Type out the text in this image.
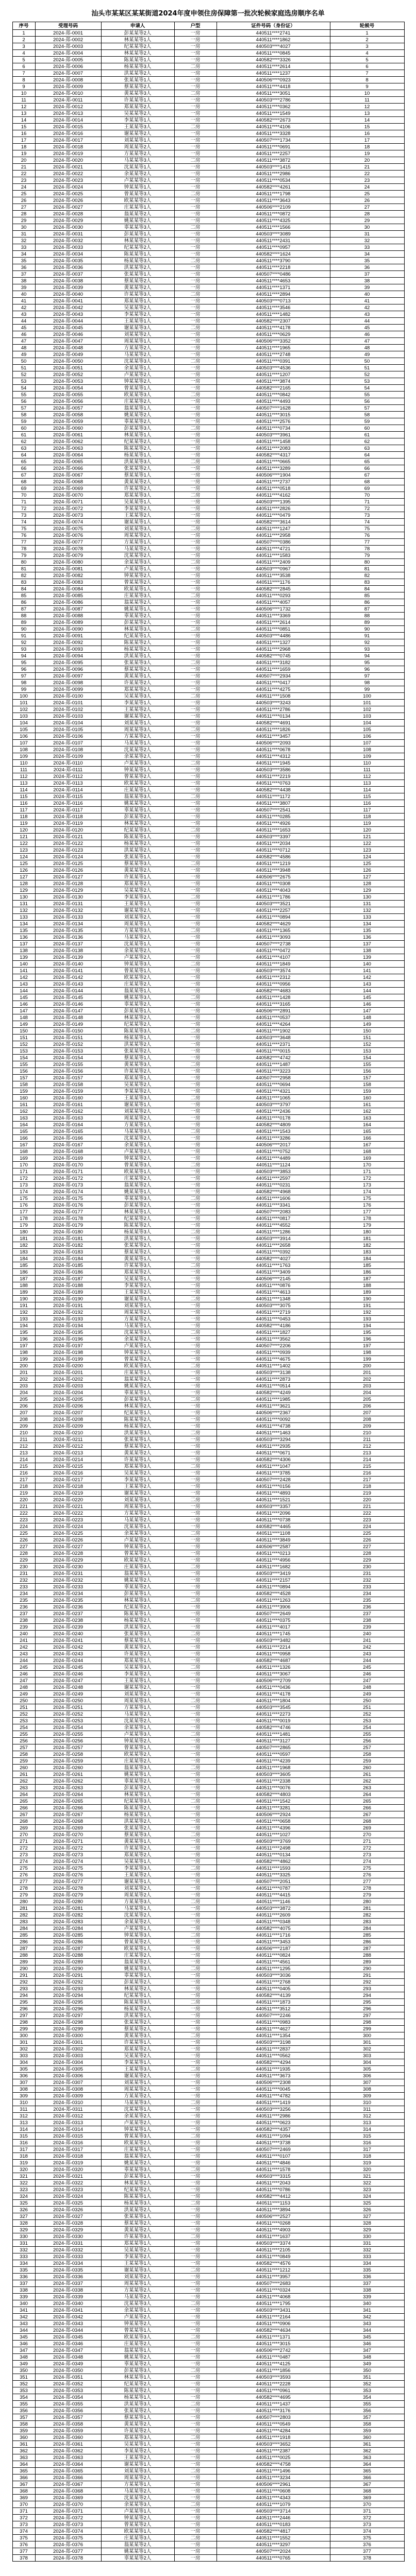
汕头市某某区某某街道2024年度申领住房保障第一批次轮候家庭选房顺序名单
序号	受理号码	申请人	户型	证件号码（身份证）	轮候号
1	2024-郑-0001	彭某某等2人	一房	440511****2741	1
2	2024-郑-0002	林某某等1人	一房	440511****1862	2
3	2024-郑-0003	纪某某等2人	一房	440503****4027	3
4	2024-郑-0004	林某某等2人	一房	440511****0845	4
5	2024-郑-0005	陈某某等1人	一房	440582****3326	5
6	2024-郑-0006	杨某某等3人	二房	440511****2614	6
7	2024-郑-0007	洪某某等2人	一房	440511****1237	7
8	2024-郑-0008	张某某等1人	一房	440506****0923	8
9	2024-郑-0009	蔡某某等2人	一房	440511****4418	9
10	2024-郑-0010	黄某某等3人	二房	440511****3051	10
11	2024-郑-0011	许某某等1人	一房	440503****2786	11
12	2024-郑-0012	郑某某等2人	一房	440511****0362	12
13	2024-郑-0013	吴某某等2人	一房	440511****1549	13
14	2024-郑-0014	李某某等1人	一房	440582****2673	14
15	2024-郑-0015	王某某等3人	二房	440511****4106	15
16	2024-郑-0016	谢某某等2人	一房	440511****3328	16
17	2024-郑-0017	刘某某等1人	一房	440507****1734	17
18	2024-郑-0018	周某某等2人	一房	440511****0691	18
19	2024-郑-0019	方某某等2人	一房	440511****2257	19
20	2024-郑-0020	马某某等3人	二房	440511****3872	20
21	2024-郑-0021	沈某某等1人	一房	440503****1415	21
22	2024-郑-0022	余某某等2人	一房	440511****2986	22
23	2024-郑-0023	卢某某等2人	一房	440511****0534	23
24	2024-郑-0024	钟某某等1人	一房	440582****4261	24
25	2024-郑-0025	曾某某等3人	二房	440511****1798	25
26	2024-郑-0026	欧某某等2人	一房	440511****3643	26
27	2024-郑-0027	庄某某等1人	一房	440506****2109	27
28	2024-郑-0028	翁某某等2人	一房	440511****0872	28
29	2024-郑-0029	姚某某等2人	一房	440511****4325	29
30	2024-郑-0030	辜某某等3人	二房	440511****1566	30
31	2024-郑-0031	彭某某等1人	一房	440503****3089	31
32	2024-郑-0032	林某某等2人	一房	440511****2431	32
33	2024-郑-0033	纪某某等2人	一房	440511****0957	33
34	2024-郑-0034	陈某某等1人	一房	440582****1624	34
35	2024-郑-0035	杨某某等3人	二房	440511****3790	35
36	2024-郑-0036	洪某某等2人	一房	440511****2218	36
37	2024-郑-0037	张某某等1人	一房	440507****0486	37
38	2024-郑-0038	蔡某某等2人	一房	440511****4653	38
39	2024-郑-0039	黄某某等2人	一房	440511****1371	39
40	2024-郑-0040	许某某等3人	二房	440511****2894	40
41	2024-郑-0041	郑某某等1人	一房	440503****0713	41
42	2024-郑-0042	吴某某等2人	一房	440511****3546	42
43	2024-郑-0043	李某某等2人	一房	440511****1482	43
44	2024-郑-0044	王某某等1人	一房	440582****2307	44
45	2024-郑-0045	谢某某等3人	二房	440511****4178	45
46	2024-郑-0046	刘某某等2人	一房	440511****0629	46
47	2024-郑-0047	周某某等1人	一房	440506****3352	47
48	2024-郑-0048	方某某等2人	一房	440511****1965	48
49	2024-郑-0049	马某某等2人	一房	440511****2748	49
50	2024-郑-0050	沈某某等3人	二房	440511****0391	50
51	2024-郑-0051	余某某等1人	一房	440503****4536	51
52	2024-郑-0052	卢某某等2人	一房	440511****1207	52
53	2024-郑-0053	钟某某等2人	一房	440511****3874	53
54	2024-郑-0054	曾某某等1人	一房	440582****2165	54
55	2024-郑-0055	欧某某等3人	二房	440511****0842	55
56	2024-郑-0056	庄某某等2人	一房	440511****4493	56
57	2024-郑-0057	翁某某等1人	一房	440507****1628	57
58	2024-郑-0058	姚某某等2人	一房	440511****3015	58
59	2024-郑-0059	辜某某等2人	一房	440511****2576	59
60	2024-郑-0060	彭某某等3人	二房	440511****0734	60
61	2024-郑-0061	林某某等1人	一房	440503****3961	61
62	2024-郑-0062	纪某某等2人	一房	440511****1458	62
63	2024-郑-0063	陈某某等2人	一房	440511****2083	63
64	2024-郑-0064	杨某某等1人	一房	440582****4317	64
65	2024-郑-0065	洪某某等3人	二房	440511****0665	65
66	2024-郑-0066	张某某等2人	一房	440511****3289	66
67	2024-郑-0067	蔡某某等1人	一房	440506****1904	67
68	2024-郑-0068	黄某某等2人	一房	440511****2737	68
69	2024-郑-0069	许某某等2人	一房	440511****0518	69
70	2024-郑-0070	郑某某等3人	二房	440511****4162	70
71	2024-郑-0071	吴某某等1人	一房	440503****1395	71
72	2024-郑-0072	李某某等2人	一房	440511****2826	72
73	2024-郑-0073	王某某等2人	一房	440511****0479	73
74	2024-郑-0074	谢某某等1人	一房	440582****3614	74
75	2024-郑-0075	刘某某等3人	二房	440511****1247	75
76	2024-郑-0076	周某某等2人	一房	440511****2958	76
77	2024-郑-0077	方某某等1人	一房	440507****0386	77
78	2024-郑-0078	马某某等2人	一房	440511****4721	78
79	2024-郑-0079	沈某某等2人	一房	440511****1583	79
80	2024-郑-0080	余某某等3人	二房	440511****2409	80
81	2024-郑-0081	卢某某等1人	一房	440503****0967	81
82	2024-郑-0082	钟某某等2人	一房	440511****3538	82
83	2024-郑-0083	曾某某等2人	一房	440511****1176	83
84	2024-郑-0084	欧某某等1人	一房	440582****2845	84
85	2024-郑-0085	庄某某等3人	二房	440511****0293	85
86	2024-郑-0086	翁某某等2人	一房	440511****4057	86
87	2024-郑-0087	姚某某等1人	一房	440506****1732	87
88	2024-郑-0088	辜某某等2人	一房	440511****3369	88
89	2024-郑-0089	彭某某等2人	一房	440511****2614	89
90	2024-郑-0090	林某某等3人	二房	440511****0851	90
91	2024-郑-0091	纪某某等1人	一房	440503****4486	91
92	2024-郑-0092	陈某某等2人	一房	440511****1327	92
93	2024-郑-0093	杨某某等2人	一房	440511****2968	93
94	2024-郑-0094	洪某某等1人	一房	440582****0745	94
95	2024-郑-0095	张某某等3人	二房	440511****3182	95
96	2024-郑-0096	蔡某某等2人	一房	440511****1659	96
97	2024-郑-0097	黄某某等1人	一房	440507****2934	97
98	2024-郑-0098	许某某等2人	一房	440511****0417	98
99	2024-郑-0099	郑某某等2人	一房	440511****4275	99
100	2024-郑-0100	吴某某等3人	二房	440511****1508	100
101	2024-郑-0101	李某某等1人	一房	440503****3243	101
102	2024-郑-0102	王某某等2人	一房	440511****2786	102
103	2024-郑-0103	谢某某等2人	一房	440511****0134	103
104	2024-郑-0104	刘某某等1人	一房	440582****4691	104
105	2024-郑-0105	周某某等3人	二房	440511****1826	105
106	2024-郑-0106	方某某等2人	一房	440511****3457	106
107	2024-郑-0107	马某某等1人	一房	440506****2093	107
108	2024-郑-0108	沈某某等2人	一房	440511****0678	108
109	2024-郑-0109	余某某等2人	一房	440511****4312	109
110	2024-郑-0110	卢某某等3人	二房	440511****1945	110
111	2024-郑-0111	钟某某等1人	一房	440503****3586	111
112	2024-郑-0112	曾某某等2人	一房	440511****2219	112
113	2024-郑-0113	欧某某等2人	一房	440511****0763	113
114	2024-郑-0114	庄某某等1人	一房	440582****4438	114
115	2024-郑-0115	翁某某等3人	二房	440511****1172	115
116	2024-郑-0116	姚某某等2人	一房	440511****3807	116
117	2024-郑-0117	辜某某等1人	一房	440507****2541	117
118	2024-郑-0118	彭某某等2人	一房	440511****0285	118
119	2024-郑-0119	林某某等2人	一房	440511****4926	119
120	2024-郑-0120	纪某某等3人	二房	440511****1653	120
121	2024-郑-0121	陈某某等1人	一房	440503****3397	121
122	2024-郑-0122	杨某某等2人	一房	440511****2034	122
123	2024-郑-0123	洪某某等2人	一房	440511****0712	123
124	2024-郑-0124	张某某等1人	一房	440582****4586	124
125	2024-郑-0125	蔡某某等3人	二房	440511****1219	125
126	2024-郑-0126	黄某某等2人	一房	440511****3948	126
127	2024-郑-0127	许某某等1人	一房	440506****2675	127
128	2024-郑-0128	郑某某等2人	一房	440511****0308	128
129	2024-郑-0129	吴某某等2人	一房	440511****4043	129
130	2024-郑-0130	李某某等3人	二房	440511****1786	130
131	2024-郑-0131	王某某等1人	一房	440503****3521	131
132	2024-郑-0132	谢某某等2人	一房	440511****2257	132
133	2024-郑-0133	刘某某等2人	一房	440511****0894	133
134	2024-郑-0134	周某某等1人	一房	440582****4629	134
135	2024-郑-0135	方某某等3人	二房	440511****1365	135
136	2024-郑-0136	马某某等2人	一房	440511****3093	136
137	2024-郑-0137	沈某某等1人	一房	440507****2738	137
138	2024-郑-0138	余某某等2人	一房	440511****0472	138
139	2024-郑-0139	卢某某等2人	一房	440511****4107	139
140	2024-郑-0140	钟某某等3人	二房	440511****1849	140
141	2024-郑-0141	曾某某等1人	一房	440503****3574	141
142	2024-郑-0142	欧某某等2人	一房	440511****2312	142
143	2024-郑-0143	庄某某等2人	一房	440511****0956	143
144	2024-郑-0144	翁某某等1人	一房	440582****4683	144
145	2024-郑-0145	姚某某等3人	二房	440511****1428	145
146	2024-郑-0146	辜某某等2人	一房	440511****3165	146
147	2024-郑-0147	彭某某等1人	一房	440506****2891	147
148	2024-郑-0148	林某某等2人	一房	440511****0537	148
149	2024-郑-0149	纪某某等2人	一房	440511****4264	149
150	2024-郑-0150	陈某某等3人	二房	440511****1902	150
151	2024-郑-0151	杨某某等1人	一房	440503****3648	151
152	2024-郑-0152	洪某某等2人	一房	440511****2371	152
153	2024-郑-0153	张某某等2人	一房	440511****0015	153
154	2024-郑-0154	蔡某某等1人	一房	440582****4742	154
155	2024-郑-0155	黄某某等3人	二房	440511****1487	155
156	2024-郑-0156	许某某等2人	一房	440511****3223	156
157	2024-郑-0157	郑某某等1人	一房	440507****2958	157
158	2024-郑-0158	吴某某等2人	一房	440511****0694	158
159	2024-郑-0159	李某某等2人	一房	440511****4321	159
160	2024-郑-0160	王某某等3人	二房	440511****1065	160
161	2024-郑-0161	谢某某等1人	一房	440503****3797	161
162	2024-郑-0162	刘某某等2人	一房	440511****2436	162
163	2024-郑-0163	周某某等2人	一房	440511****0178	163
164	2024-郑-0164	方某某等1人	一房	440582****4809	164
165	2024-郑-0165	马某某等3人	二房	440511****1543	165
166	2024-郑-0166	沈某某等2人	一房	440511****3286	166
167	2024-郑-0167	余某某等1人	一房	440506****2017	167
168	2024-郑-0168	卢某某等2人	一房	440511****0752	168
169	2024-郑-0169	钟某某等2人	一房	440511****4489	169
170	2024-郑-0170	曾某某等3人	二房	440511****1124	170
171	2024-郑-0171	欧某某等1人	一房	440503****3853	171
172	2024-郑-0172	庄某某等2人	一房	440511****2597	172
173	2024-郑-0173	翁某某等2人	一房	440511****0231	173
174	2024-郑-0174	姚某某等1人	一房	440582****4968	174
175	2024-郑-0175	辜某某等3人	二房	440511****1606	175
176	2024-郑-0176	彭某某等2人	一房	440511****3341	176
177	2024-郑-0177	林某某等1人	一房	440507****2083	177
178	2024-郑-0178	纪某某等2人	一房	440511****0817	178
179	2024-郑-0179	陈某某等2人	一房	440511****4552	179
180	2024-郑-0180	杨某某等3人	二房	440511****1286	180
181	2024-郑-0181	洪某某等1人	一房	440503****3914	181
182	2024-郑-0182	张某某等2人	一房	440511****2658	182
183	2024-郑-0183	蔡某某等2人	一房	440511****0392	183
184	2024-郑-0184	黄某某等1人	一房	440582****4027	184
185	2024-郑-0185	许某某等3人	二房	440511****1763	185
186	2024-郑-0186	郑某某等2人	一房	440511****3409	186
187	2024-郑-0187	吴某某等1人	一房	440506****2145	187
188	2024-郑-0188	李某某等2人	一房	440511****0876	188
189	2024-郑-0189	王某某等2人	一房	440511****4613	189
190	2024-郑-0190	谢某某等3人	二房	440511****1348	190
191	2024-郑-0191	刘某某等1人	一房	440503****3075	191
192	2024-郑-0192	周某某等2人	一房	440511****2719	192
193	2024-郑-0193	方某某等2人	一房	440511****0453	193
194	2024-郑-0194	马某某等1人	一房	440582****4186	194
195	2024-郑-0195	沈某某等3人	二房	440511****1827	195
196	2024-郑-0196	余某某等2人	一房	440511****3562	196
197	2024-郑-0197	卢某某等1人	一房	440507****2206	197
198	2024-郑-0198	钟某某等2人	一房	440511****0939	198
199	2024-郑-0199	曾某某等2人	一房	440511****4675	199
200	2024-郑-0200	欧某某等3人	二房	440511****1402	200
201	2024-郑-0201	庄某某等1人	一房	440503****3138	201
202	2024-郑-0202	翁某某等2人	一房	440511****2873	202
203	2024-郑-0203	姚某某等2人	一房	440511****0514	203
204	2024-郑-0204	辜某某等1人	一房	440582****4249	204
205	2024-郑-0205	彭某某等3人	二房	440511****1985	205
206	2024-郑-0206	林某某等2人	一房	440511****3621	206
207	2024-郑-0207	纪某某等1人	一房	440506****2367	207
208	2024-郑-0208	陈某某等2人	一房	440511****0092	208
209	2024-郑-0209	杨某某等2人	一房	440511****4738	209
210	2024-郑-0210	洪某某等3人	二房	440511****1463	210
211	2024-郑-0211	张某某等1人	一房	440503****3294	211
212	2024-郑-0212	蔡某某等2人	一房	440511****2935	212
213	2024-郑-0213	黄某某等2人	一房	440511****0671	213
214	2024-郑-0214	许某某等1人	一房	440582****4306	214
215	2024-郑-0215	郑某某等3人	二房	440511****1047	215
216	2024-郑-0216	吴某某等2人	一房	440511****3785	216
217	2024-郑-0217	李某某等1人	一房	440507****2428	217
218	2024-郑-0218	王某某等2人	一房	440511****0156	218
219	2024-郑-0219	谢某某等2人	一房	440511****4893	219
220	2024-郑-0220	刘某某等3人	二房	440511****1521	220
221	2024-郑-0221	周某某等1人	一房	440503****3357	221
222	2024-郑-0222	方某某等2人	一房	440511****2096	222
223	2024-郑-0223	马某某等2人	一房	440511****0738	223
224	2024-郑-0224	沈某某等1人	一房	440582****4465	224
225	2024-郑-0225	余某某等3人	二房	440511****1108	225
226	2024-郑-0226	卢某某等2人	一房	440511****3849	226
227	2024-郑-0227	钟某某等1人	一房	440506****2587	227
228	2024-郑-0228	曾某某等2人	一房	440511****0213	228
229	2024-郑-0229	欧某某等2人	一房	440511****4956	229
230	2024-郑-0230	庄某某等3人	二房	440511****1682	230
231	2024-郑-0231	翁某某等1人	一房	440503****3419	231
232	2024-郑-0232	姚某某等2人	一房	440511****2157	232
233	2024-郑-0233	辜某某等2人	一房	440511****0894	233
234	2024-郑-0234	彭某某等1人	一房	440582****4528	234
235	2024-郑-0235	林某某等3人	二房	440511****1263	235
236	2024-郑-0236	纪某某等2人	一房	440511****3906	236
237	2024-郑-0237	陈某某等1人	一房	440507****2649	237
238	2024-郑-0238	杨某某等2人	一房	440511****0375	238
239	2024-郑-0239	洪某某等2人	一房	440511****4017	239
240	2024-郑-0240	张某某等3人	二房	440511****1745	240
241	2024-郑-0241	蔡某某等1人	一房	440503****3482	241
242	2024-郑-0242	黄某某等2人	一房	440511****2214	242
243	2024-郑-0243	许某某等2人	一房	440511****0958	243
244	2024-郑-0244	郑某某等1人	一房	440582****4687	244
245	2024-郑-0245	吴某某等3人	二房	440511****1326	245
246	2024-郑-0246	李某某等2人	一房	440511****3067	246
247	2024-郑-0247	王某某等1人	一房	440506****2709	247
248	2024-郑-0248	谢某某等2人	一房	440511****0436	248
249	2024-郑-0249	刘某某等2人	一房	440511****4178	249
250	2024-郑-0250	周某某等3人	二房	440511****1804	250
251	2024-郑-0251	方某某等1人	一房	440503****3545	251
252	2024-郑-0252	马某某等2人	一房	440511****2273	252
253	2024-郑-0253	沈某某等2人	一房	440511****0019	253
254	2024-郑-0254	余某某等1人	一房	440582****4746	254
255	2024-郑-0255	卢某某等3人	二房	440511****1481	255
256	2024-郑-0256	钟某某等2人	一房	440511****3127	256
257	2024-郑-0257	曾某某等1人	一房	440507****2865	257
258	2024-郑-0258	欧某某等2人	一房	440511****0597	258
259	2024-郑-0259	庄某某等2人	一房	440511****4239	259
260	2024-郑-0260	翁某某等3人	二房	440511****1968	260
261	2024-郑-0261	姚某某等1人	一房	440503****3605	261
262	2024-郑-0262	辜某某等2人	一房	440511****2338	262
263	2024-郑-0263	彭某某等2人	一房	440511****0076	263
264	2024-郑-0264	林某某等1人	一房	440582****4803	264
265	2024-郑-0265	纪某某等3人	二房	440511****1542	265
266	2024-郑-0266	陈某某等2人	一房	440511****3281	266
267	2024-郑-0267	杨某某等1人	一房	440506****2924	267
268	2024-郑-0268	洪某某等2人	一房	440511****0658	268
269	2024-郑-0269	张某某等2人	一房	440511****4396	269
270	2024-郑-0270	蔡某某等3人	二房	440511****1027	270
271	2024-郑-0271	黄某某等1人	一房	440503****3769	271
272	2024-郑-0272	许某某等2人	一房	440511****2498	272
273	2024-郑-0273	郑某某等2人	一房	440511****0134	273
274	2024-郑-0274	吴某某等1人	一房	440582****4862	274
275	2024-郑-0275	李某某等3人	二房	440511****1593	275
276	2024-郑-0276	王某某等2人	一房	440511****3325	276
277	2024-郑-0277	谢某某等1人	一房	440507****2051	277
278	2024-郑-0278	刘某某等2人	一房	440511****0787	278
279	2024-郑-0279	周某某等2人	一房	440511****4415	279
280	2024-郑-0280	方某某等3人	二房	440511****1146	280
281	2024-郑-0281	马某某等1人	一房	440503****3872	281
282	2024-郑-0282	沈某某等2人	一房	440511****2609	282
283	2024-郑-0283	余某某等2人	一房	440511****0348	283
284	2024-郑-0284	卢某某等1人	一房	440582****4075	284
285	2024-郑-0285	钟某某等3人	二房	440511****1716	285
286	2024-郑-0286	曾某某等2人	一房	440511****3453	286
287	2024-郑-0287	欧某某等1人	一房	440506****2187	287
288	2024-郑-0288	庄某某等2人	一房	440511****0824	288
289	2024-郑-0289	翁某某等2人	一房	440511****4561	289
290	2024-郑-0290	姚某某等3人	二房	440511****1295	290
291	2024-郑-0291	辜某某等1人	一房	440503****3036	291
292	2024-郑-0292	彭某某等2人	一房	440511****2768	292
293	2024-郑-0293	林某某等2人	一房	440511****0405	293
294	2024-郑-0294	纪某某等1人	一房	440582****4139	294
295	2024-郑-0295	陈某某等3人	二房	440511****1873	295
296	2024-郑-0296	杨某某等2人	一房	440511****3512	296
297	2024-郑-0297	洪某某等1人	一房	440507****2246	297
298	2024-郑-0298	张某某等2人	一房	440511****0983	298
299	2024-郑-0299	蔡某某等2人	一房	440511****4627	299
300	2024-郑-0300	黄某某等3人	二房	440511****1354	300
301	2024-郑-0301	许某某等1人	一房	440503****3198	301
302	2024-郑-0302	郑某某等2人	一房	440511****2837	302
303	2024-郑-0303	吴某某等2人	一房	440511****0562	303
304	2024-郑-0304	李某某等1人	一房	440582****4294	304
305	2024-郑-0305	王某某等3人	二房	440511****1935	305
306	2024-郑-0306	谢某某等2人	一房	440511****3673	306
307	2024-郑-0307	刘某某等1人	一房	440506****2308	307
308	2024-郑-0308	周某某等2人	一房	440511****0045	308
309	2024-郑-0309	方某某等2人	一房	440511****4782	309
310	2024-郑-0310	马某某等3人	二房	440511****1419	310
311	2024-郑-0311	沈某某等1人	一房	440503****3256	311
312	2024-郑-0312	余某某等2人	一房	440511****2986	312
313	2024-郑-0313	卢某某等2人	一房	440511****0623	313
314	2024-郑-0314	钟某某等1人	一房	440582****4357	314
315	2024-郑-0315	曾某某等3人	二房	440511****1094	315
316	2024-郑-0316	欧某某等2人	一房	440511****3738	316
317	2024-郑-0317	庄某某等1人	一房	440507****2469	317
318	2024-郑-0318	翁某某等2人	一房	440511****0107	318
319	2024-郑-0319	姚某某等2人	一房	440511****4846	319
320	2024-郑-0320	辜某某等3人	二房	440511****1578	320
321	2024-郑-0321	彭某某等1人	一房	440503****3315	321
322	2024-郑-0322	林某某等2人	一房	440511****2043	322
323	2024-郑-0323	纪某某等2人	一房	440511****0786	323
324	2024-郑-0324	陈某某等1人	一房	440582****4412	324
325	2024-郑-0325	杨某某等3人	二房	440511****1153	325
326	2024-郑-0326	洪某某等2人	一房	440511****3894	326
327	2024-郑-0327	张某某等1人	一房	440506****2527	327
328	2024-郑-0328	蔡某某等2人	一房	440511****0268	328
329	2024-郑-0329	黄某某等2人	一房	440511****4903	329
330	2024-郑-0330	许某某等3人	二房	440511****1637	330
331	2024-郑-0331	郑某某等1人	一房	440503****3374	331
332	2024-郑-0332	吴某某等2人	一房	440511****2105	332
333	2024-郑-0333	李某某等2人	一房	440511****0849	333
334	2024-郑-0334	王某某等1人	一房	440582****4576	334
335	2024-郑-0335	谢某某等3人	二房	440511****1212	335
336	2024-郑-0336	刘某某等2人	一房	440511****3957	336
337	2024-郑-0337	周某某等1人	一房	440507****2683	337
338	2024-郑-0338	方某某等2人	一房	440511****0324	338
339	2024-郑-0339	马某某等2人	一房	440511****4068	339
340	2024-郑-0340	沈某某等3人	二房	440511****1795	340
341	2024-郑-0341	余某某等1人	一房	440503****3431	341
342	2024-郑-0342	卢某某等2人	一房	440511****2164	342
343	2024-郑-0343	钟某某等2人	一房	440511****0906	343
344	2024-郑-0344	曾某某等1人	一房	440582****4634	344
345	2024-郑-0345	欧某某等3人	二房	440511****1371	345
346	2024-郑-0346	庄某某等2人	一房	440511****3015	346
347	2024-郑-0347	翁某某等1人	一房	440506****2742	347
348	2024-郑-0348	姚某某等2人	一房	440511****0487	348
349	2024-郑-0349	辜某某等2人	一房	440511****4125	349
350	2024-郑-0350	彭某某等3人	二房	440511****1856	350
351	2024-郑-0351	林某某等1人	一房	440503****3593	351
352	2024-郑-0352	纪某某等2人	一房	440511****2228	352
353	2024-郑-0353	陈某某等2人	一房	440511****0961	353
354	2024-郑-0354	杨某某等1人	一房	440582****4695	354
355	2024-郑-0355	洪某某等3人	二房	440511****1437	355
356	2024-郑-0356	张某某等2人	一房	440511****3176	356
357	2024-郑-0357	蔡某某等1人	一房	440507****2803	357
358	2024-郑-0358	黄某某等2人	一房	440511****0549	358
359	2024-郑-0359	许某某等2人	一房	440511****4284	359
360	2024-郑-0360	郑某某等3人	二房	440511****1918	360
361	2024-郑-0361	吴某某等1人	一房	440503****3652	361
362	2024-郑-0362	李某某等2人	一房	440511****2387	362
363	2024-郑-0363	王某某等2人	一房	440511****0025	363
364	2024-郑-0364	谢某某等1人	一房	440582****4758	364
365	2024-郑-0365	刘某某等3人	二房	440511****1496	365
366	2024-郑-0366	周某某等2人	一房	440511****3234	366
367	2024-郑-0367	方某某等1人	一房	440506****2961	367
368	2024-郑-0368	马某某等2人	一房	440511****0608	368
369	2024-郑-0369	沈某某等2人	一房	440511****4343	369
370	2024-郑-0370	余某某等3人	二房	440511****1079	370
371	2024-郑-0371	卢某某等1人	一房	440503****3714	371
372	2024-郑-0372	钟某某等2人	一房	440511****2446	372
373	2024-郑-0373	曾某某等2人	一房	440511****0183	373
374	2024-郑-0374	欧某某等1人	一房	440582****4817	374
375	2024-郑-0375	庄某某等3人	二房	440511****1552	375
376	2024-郑-0376	翁某某等2人	一房	440511****3297	376
377	2024-郑-0377	姚某某等1人	一房	440507****2024	377
378	2024-郑-0378	辜某某等2人	一房	440511****0765	378
